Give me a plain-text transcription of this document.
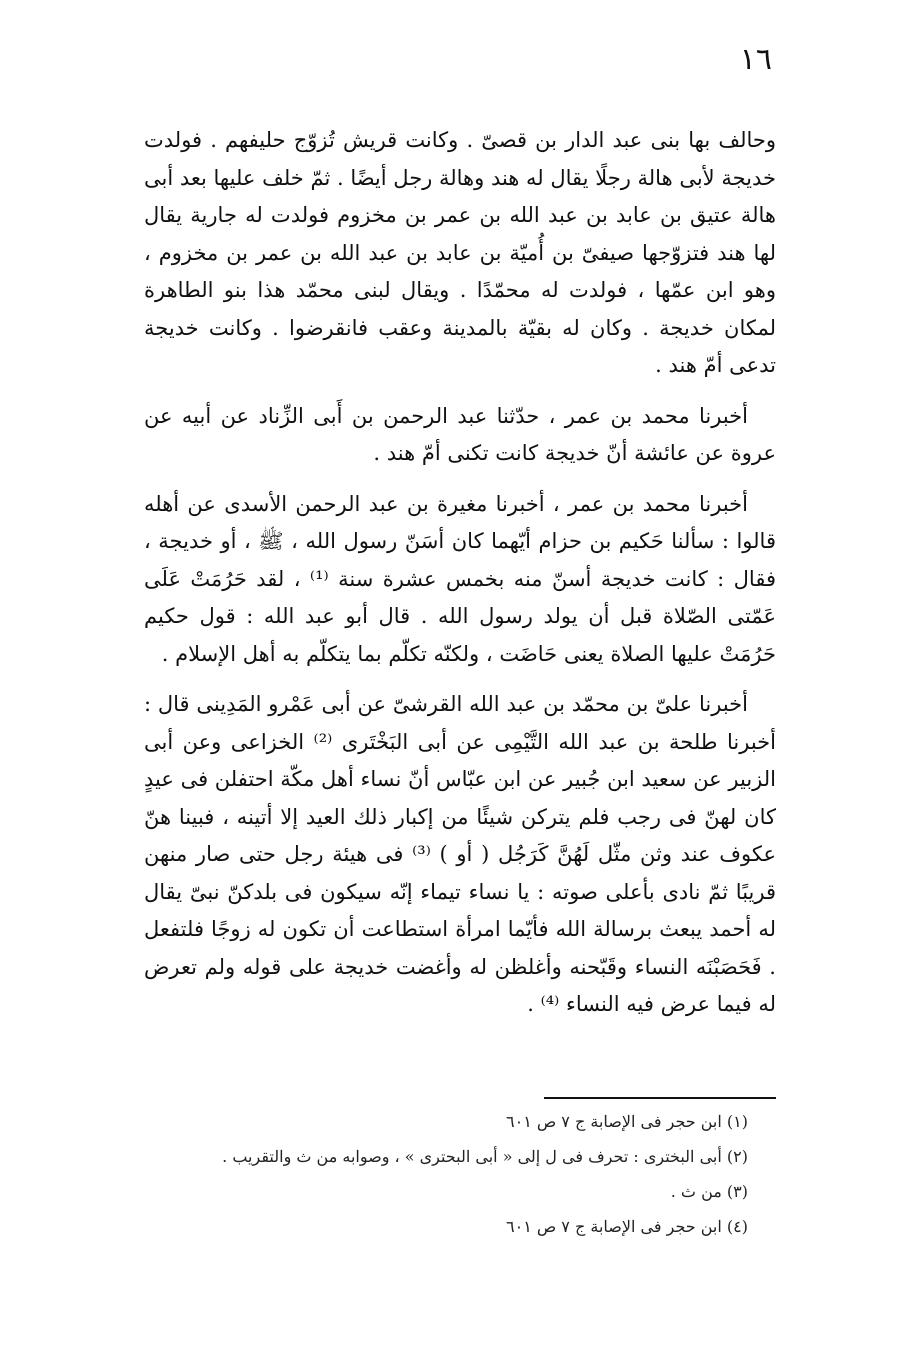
١٦

وحالف بها بنى عبد الدار بن قصىّ . وكانت قريش تُزوّج حليفهم . فولدت خديجة لأبى هالة رجلًا يقال له هند وهالة رجل أيضًا . ثمّ خلف عليها بعد أبى هالة عتيق بن عابد بن عبد الله بن عمر بن مخزوم فولدت له جارية يقال لها هند فتزوّجها صيفىّ بن أُميّة بن عابد بن عبد الله بن عمر بن مخزوم ، وهو ابن عمّها ، فولدت له محمّدًا . ويقال لبنى محمّد هذا بنو الطاهرة لمكان خديجة . وكان له بقيّة بالمدينة وعقب فانقرضوا . وكانت خديجة تدعى أمّ هند .

أخبرنا محمد بن عمر ، حدّثنا عبد الرحمن بن أَبى الزِّناد عن أبيه عن عروة عن عائشة أنّ خديجة كانت تكنى أمّ هند .

أخبرنا محمد بن عمر ، أخبرنا مغيرة بن عبد الرحمن الأسدى عن أهله قالوا : سألنا حَكيم بن حزام أيّهما كان أسَنّ رسول الله ، ﷺ ، أو خديجة ، فقال : كانت خديجة أسنّ منه بخمس عشرة سنة ⁽¹⁾ ، لقد حَرُمَتْ عَلَى عَمّتى الصّلاة قبل أن يولد رسول الله . قال أبو عبد الله : قول حكيم حَرُمَتْ عليها الصلاة يعنى حَاضَت ، ولكنّه تكلّم بما يتكلّم به أهل الإسلام .

أخبرنا علىّ بن محمّد بن عبد الله القرشىّ عن أبى عَمْرو المَدِينى قال : أخبرنا طلحة بن عبد الله التَّيْمِى عن أبى البَخْتَرى ⁽²⁾ الخزاعى وعن أبى الزبير عن سعيد ابن جُبير عن ابن عبّاس أنّ نساء أهل مكّة احتفلن فى عيدٍ كان لهنّ فى رجب فلم يتركن شيئًا من إكبار ذلك العيد إلا أتينه ، فبينا هنّ عكوف عند وثن مثّل لَهُنَّ كَرَجُل ( أو ) ⁽³⁾ فى هيئة رجل حتى صار منهن قريبًا ثمّ نادى بأعلى صوته : يا نساء تيماء إنّه سيكون فى بلدكنّ نبىّ يقال له أحمد يبعث برسالة الله فأيّما امرأة استطاعت أن تكون له زوجًا فلتفعل . فَحَصَبْنَه النساء وقَبّحنه وأغلظن له وأغضت خديجة على قوله ولم تعرض له فيما عرض فيه النساء ⁽⁴⁾ .

(١) ابن حجر فى الإصابة ج ٧ ص ٦٠١
(٢) أبى البخترى : تحرف فى ل إلى « أبى البحترى » ، وصوابه من ث والتقريب .
(٣) من ث .
(٤) ابن حجر فى الإصابة ج ٧ ص ٦٠١
